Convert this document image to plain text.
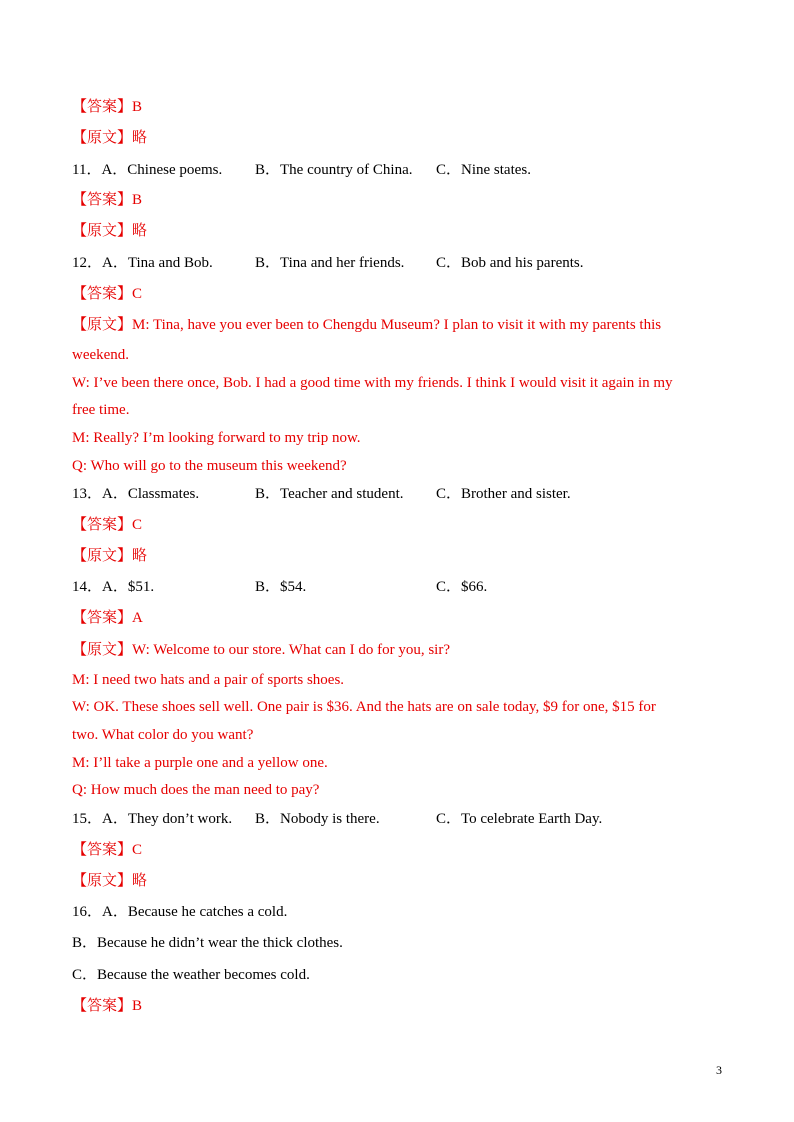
【答案】B
【原文】略
11．A．Chinese poems. B．The country of China. C．Nine states.
【答案】B
【原文】略
12．A．Tina and Bob.	B．Tina and her friends. C．Bob and his parents.
【答案】C
【原文】M: Tina, have you ever been to Chengdu Museum? I plan to visit it with my parents this
weekend.
W: I’ve been there once, Bob. I had a good time with my friends. I think I would visit it again in my
free time.
M: Really? I’m looking forward to my trip now.
Q: Who will go to the museum this weekend?
13．A．Classmates.	B．Teacher and student. C．Brother and sister.
【答案】C
【原文】略
14．A．$51.	B．$54.	C．$66.
【答案】A
【原文】W: Welcome to our store. What can I do for you, sir?
M: I need two hats and a pair of sports shoes.
W: OK. These shoes sell well. One pair is $36. And the hats are on sale today, $9 for one, $15 for
two. What color do you want?
M: I’ll take a purple one and a yellow one.
Q: How much does the man need to pay?
15．A．They don’t work. B．Nobody is there.	C．To celebrate Earth Day.
【答案】C
【原文】略
16．A．Because he catches a cold.
B．Because he didn’t wear the thick clothes.
C．Because the weather becomes cold.
【答案】B
3
